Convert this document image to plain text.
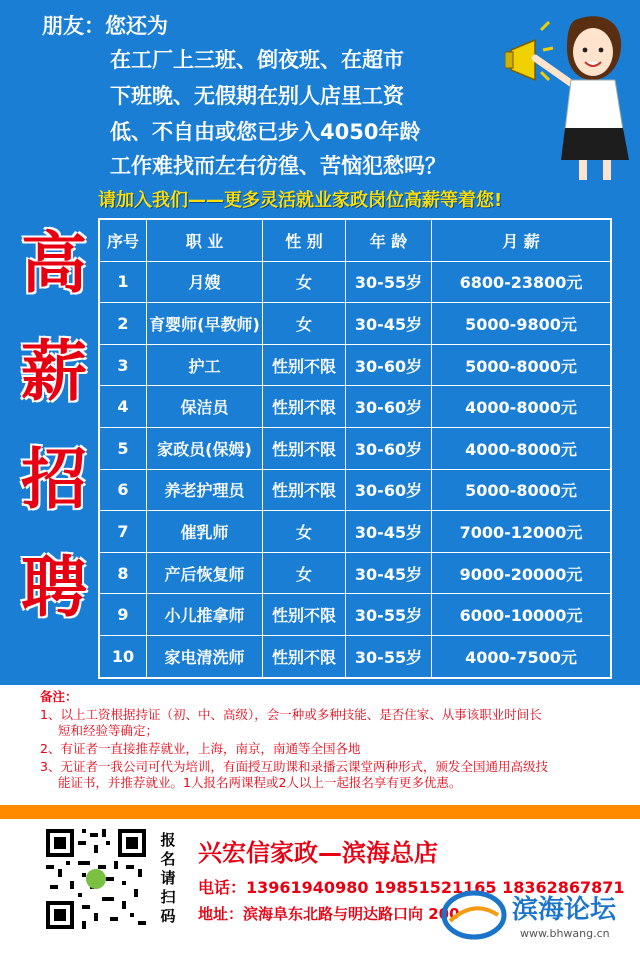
朋友：您还为
在工厂上三班、倒夜班、在超市
下班晚、无假期在别人店里工资
低、不自由或您已步入4050年龄
工作难找而左右彷徨、苦恼犯愁吗？
请加入我们——更多灵活就业家政岗位高薪等着您!
高
薪
招
聘
序号	职 业	性 别	年 龄	月 薪
1	月嫂	女	30-55岁	6800-23800元
2	育婴师(早教师)	女	30-45岁	5000-9800元
3	护工	性别不限	30-60岁	5000-8000元
4	保洁员	性别不限	30-60岁	4000-8000元
5	家政员(保姆)	性别不限	30-60岁	4000-8000元
6	养老护理员	性别不限	30-60岁	5000-8000元
7	催乳师	女	30-45岁	7000-12000元
8	产后恢复师	女	30-45岁	9000-20000元
9	小儿推拿师	性别不限	30-55岁	6000-10000元
10	家电清洗师	性别不限	30-55岁	4000-7500元
备注：
1、以上工资根据持证（初、中、高级），会一种或多种技能、是否住家、从事该职业时间长
短和经验等确定；
2、有证者一直接推荐就业，上海，南京，南通等全国各地
3、无证者一我公司可代为培训，有面授互助课和录播云课堂两种形式，颁发全国通用高级技
能证书，并推荐就业。1人报名两课程或2人以上一起报名享有更多优惠。
报
名
请
扫
码
兴宏信家政—滨海总店
电话：13961940980 19851521165 18362867871
地址：滨海阜东北路与明达路口向 200 滨海论坛
www.bhwang.cn
